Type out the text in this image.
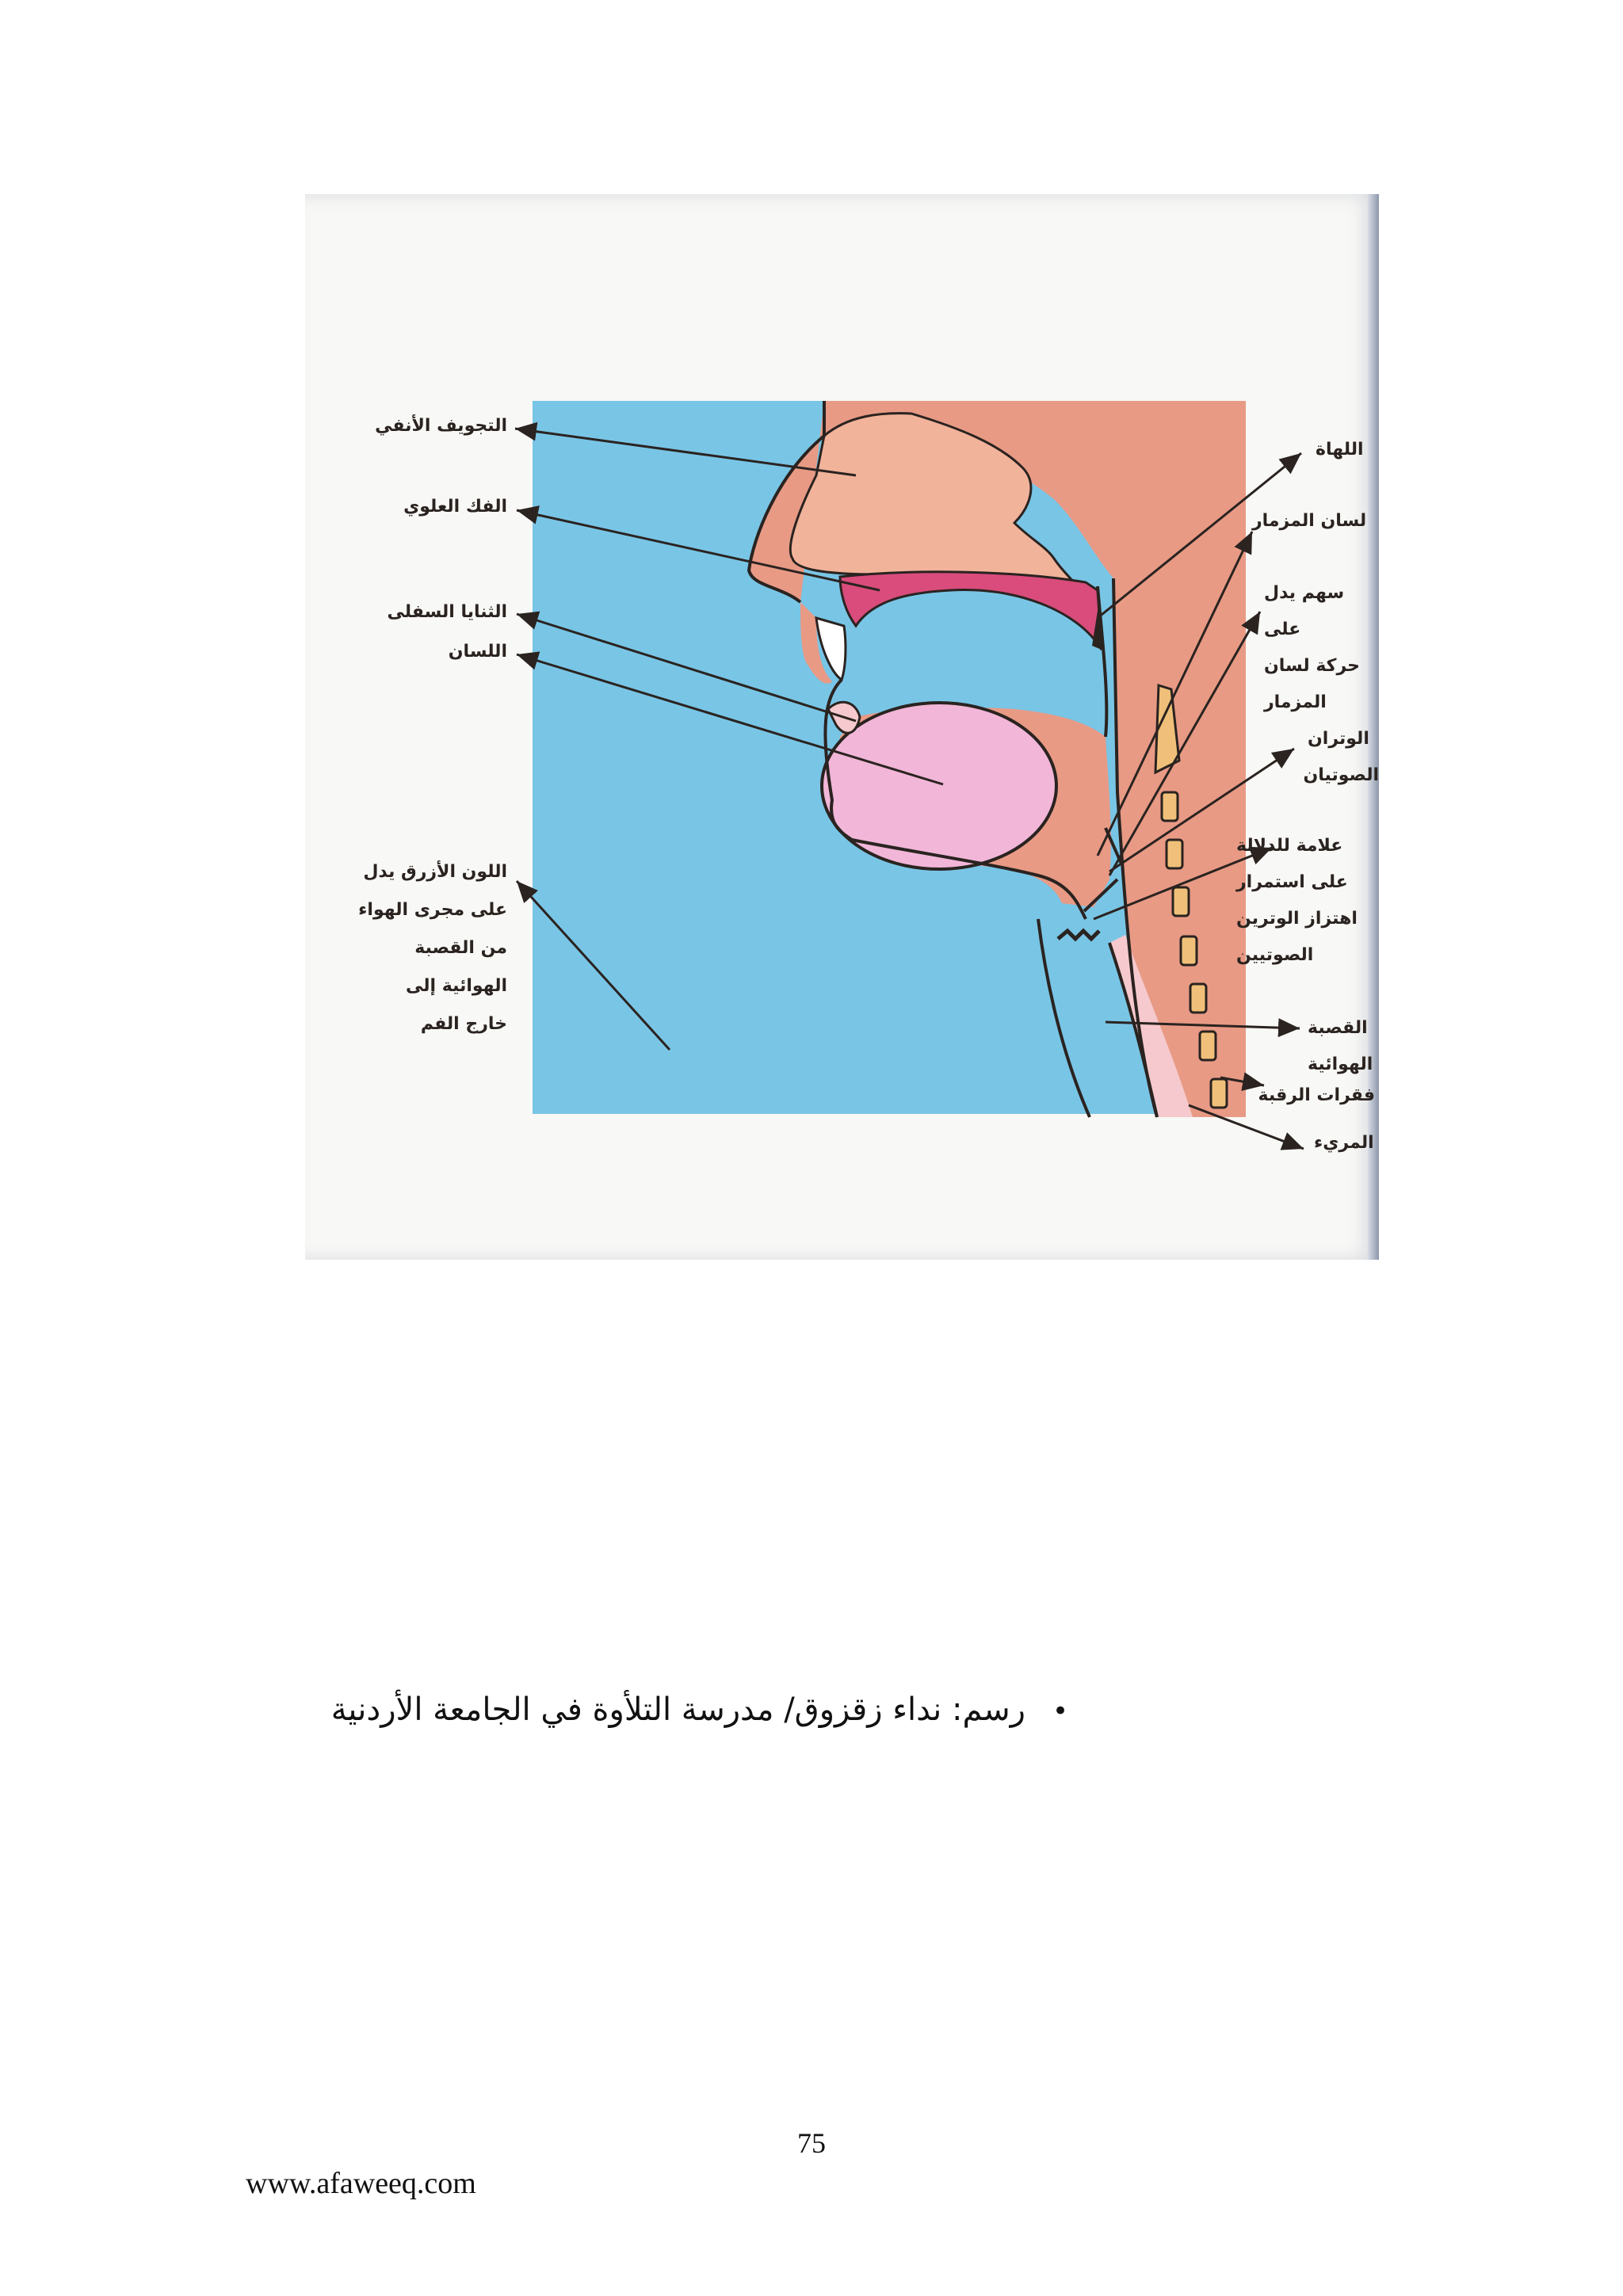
التجويف الأنفي
الفك العلوي
الثنايا السفلى
اللسان
اللون الأزرق يدل
على مجرى الهواء
من القصبة
الهوائية إلى
خارج الفم
اللهاة
لسان المزمار
سهم يدل على
حركة لسان
المزمار
الوتران
الصوتيان
علامة للدلالة
على استمرار
اهتزاز الوترين
الصوتيين
القصبة
الهوائية
فقرات الرقبة
المريء
•رسم: نداء زقزوق/ مدرسة التلأوة في الجامعة الأردنية
75
www.afaweeq.com
